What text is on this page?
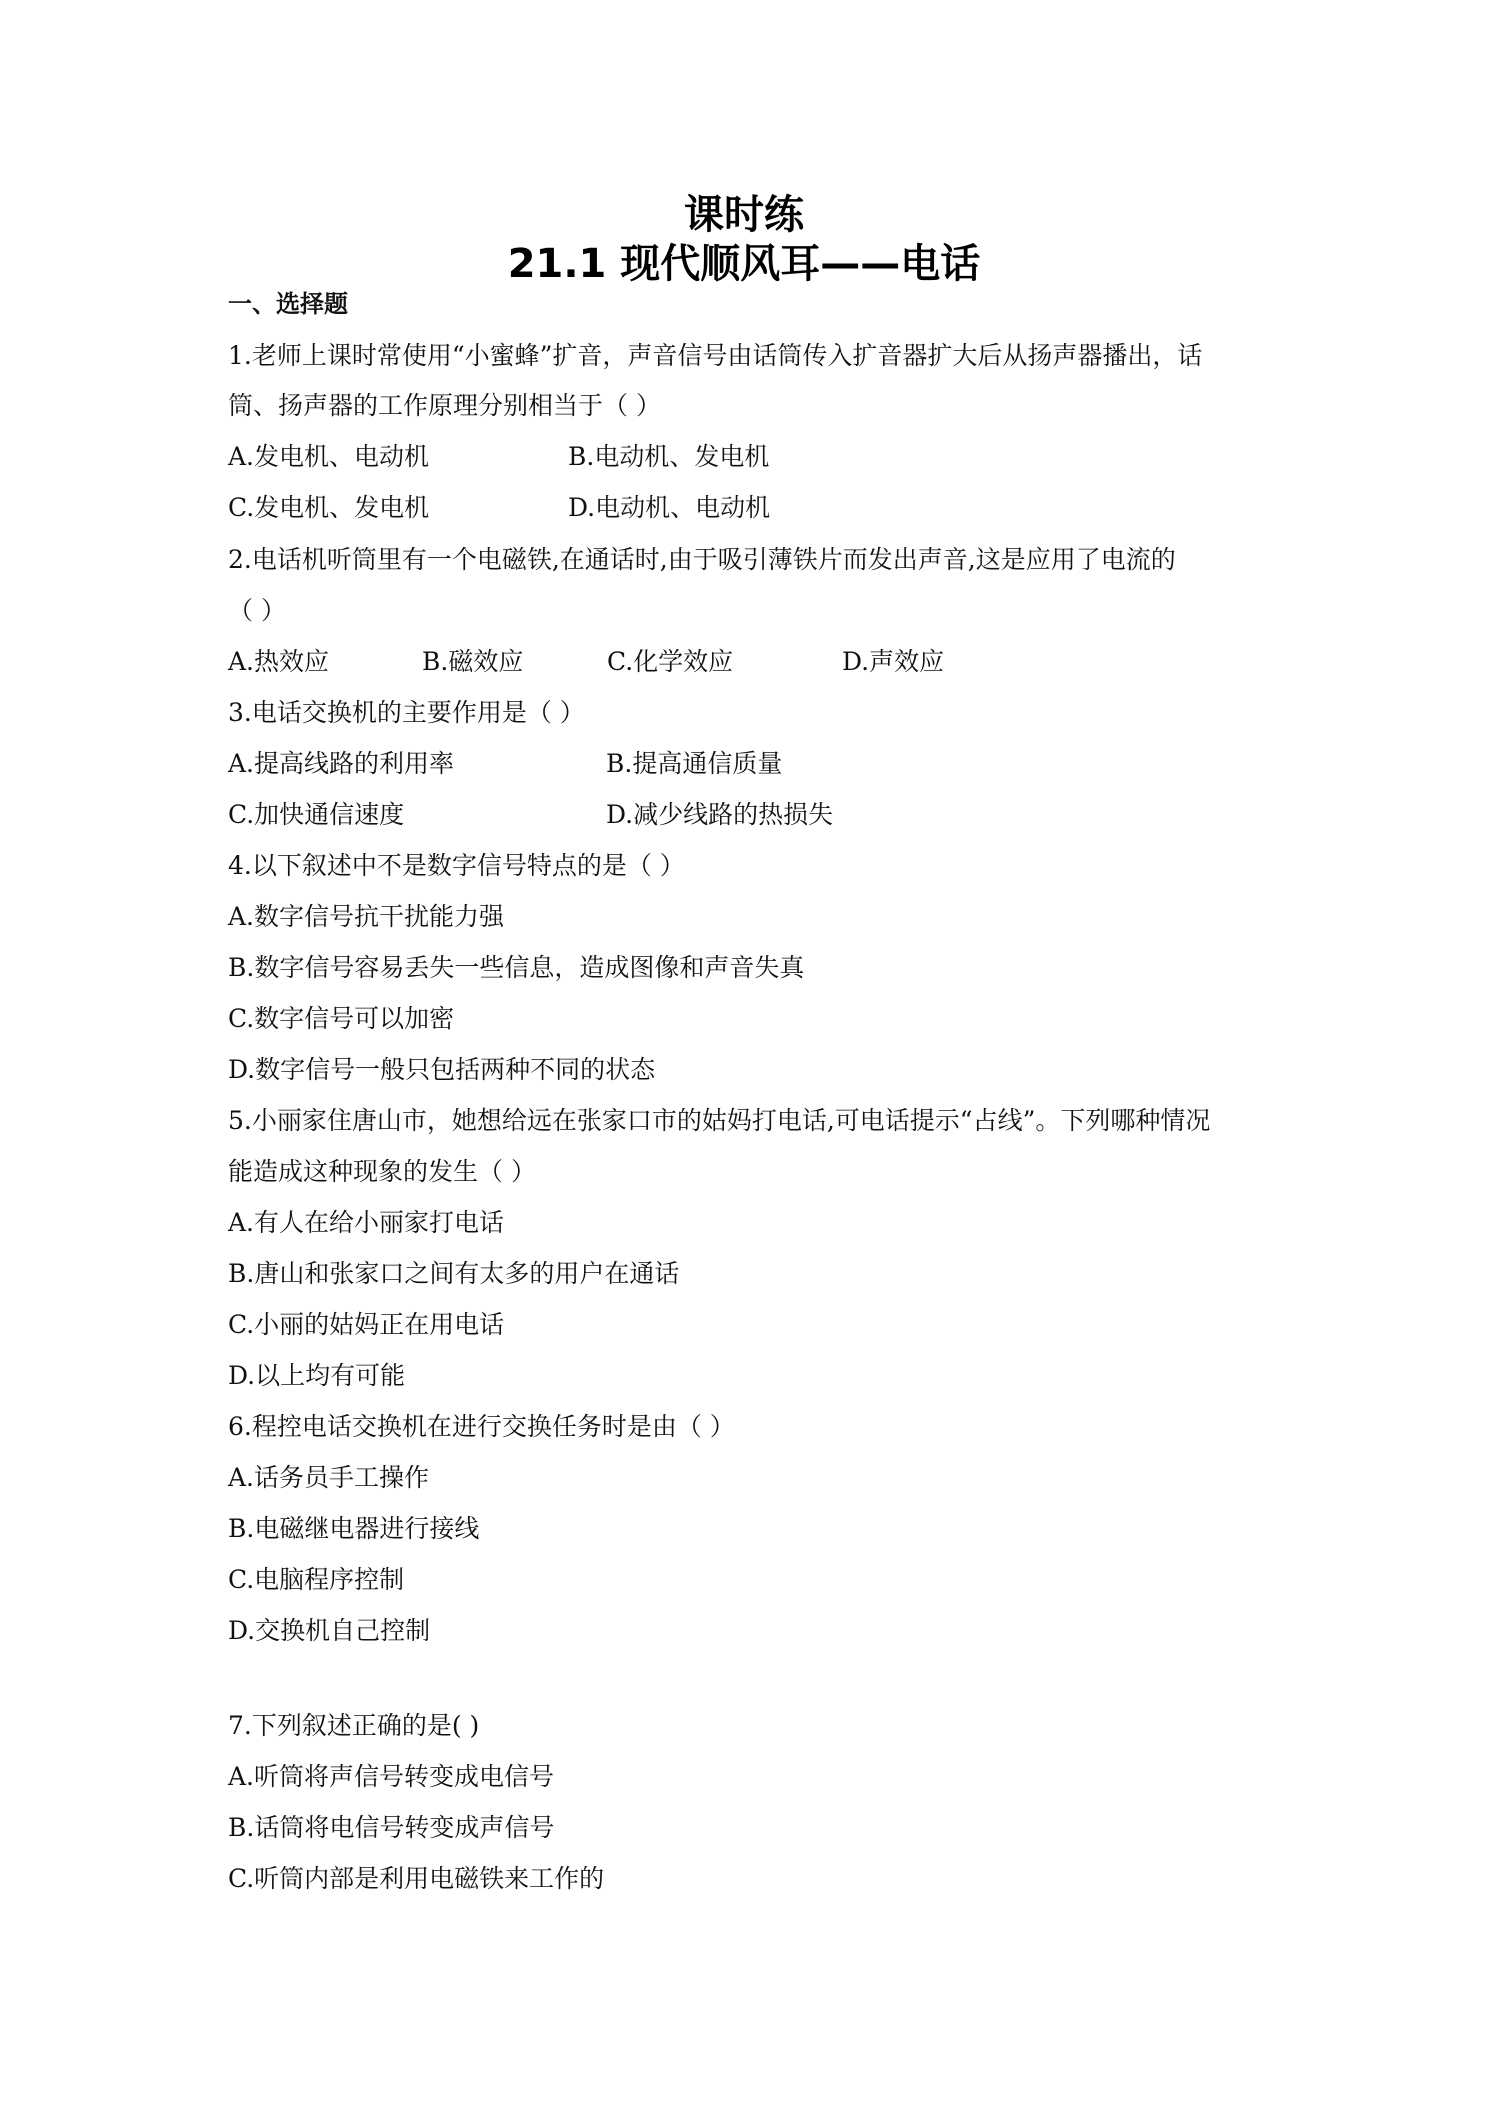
课时练
21.1 现代顺风耳——电话
一、选择题
1.老师上课时常使用“小蜜蜂”扩音，声音信号由话筒传入扩音器扩大后从扬声器播出，话
筒、扬声器的工作原理分别相当于（ ）
A.发电机、电动机	B.电动机、发电机
C.发电机、发电机	D.电动机、电动机
2.电话机听筒里有一个电磁铁,在通话时,由于吸引薄铁片而发出声音,这是应用了电流的
（ ）
A.热效应	B.磁效应	C.化学效应	D.声效应
3.电话交换机的主要作用是（ ）
A.提高线路的利用率	B.提高通信质量
C.加快通信速度	D.减少线路的热损失
4.以下叙述中不是数字信号特点的是（ ）
A.数字信号抗干扰能力强
B.数字信号容易丢失一些信息，造成图像和声音失真
C.数字信号可以加密
D.数字信号一般只包括两种不同的状态
5.小丽家住唐山市，她想给远在张家口市的姑妈打电话,可电话提示“占线”。下列哪种情况
能造成这种现象的发生（ ）
A.有人在给小丽家打电话
B.唐山和张家口之间有太多的用户在通话
C.小丽的姑妈正在用电话
D.以上均有可能
6.程控电话交换机在进行交换任务时是由（ ）
A.话务员手工操作
B.电磁继电器进行接线
C.电脑程序控制
D.交换机自己控制
7.下列叙述正确的是( )
A.听筒将声信号转变成电信号
B.话筒将电信号转变成声信号
C.听筒内部是利用电磁铁来工作的
